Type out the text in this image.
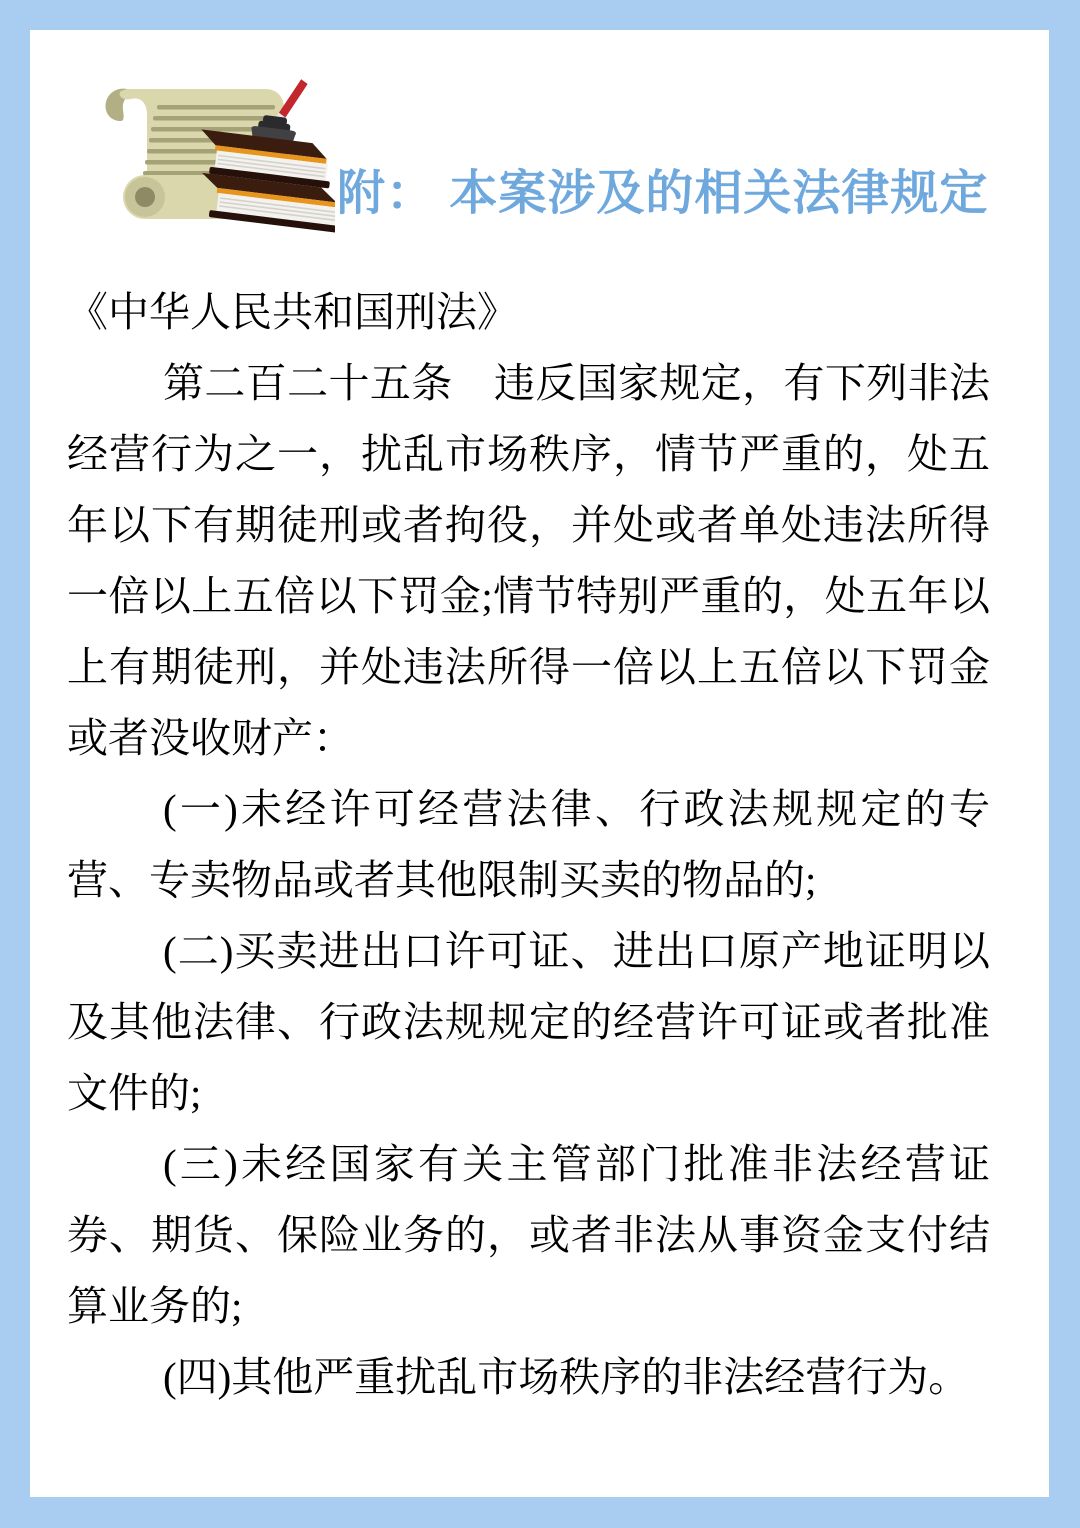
附： 本案涉及的相关法律规定

《中华人民共和国刑法》

第二百二十五条　违反国家规定，有下列非法经营行为之一，扰乱市场秩序，情节严重的，处五年以下有期徒刑或者拘役，并处或者单处违法所得一倍以上五倍以下罚金;情节特别严重的，处五年以上有期徒刑，并处违法所得一倍以上五倍以下罚金或者没收财产：

(一)未经许可经营法律、行政法规规定的专营、专卖物品或者其他限制买卖的物品的;

(二)买卖进出口许可证、进出口原产地证明以及其他法律、行政法规规定的经营许可证或者批准文件的;

(三)未经国家有关主管部门批准非法经营证券、期货、保险业务的，或者非法从事资金支付结算业务的;

(四)其他严重扰乱市场秩序的非法经营行为。
